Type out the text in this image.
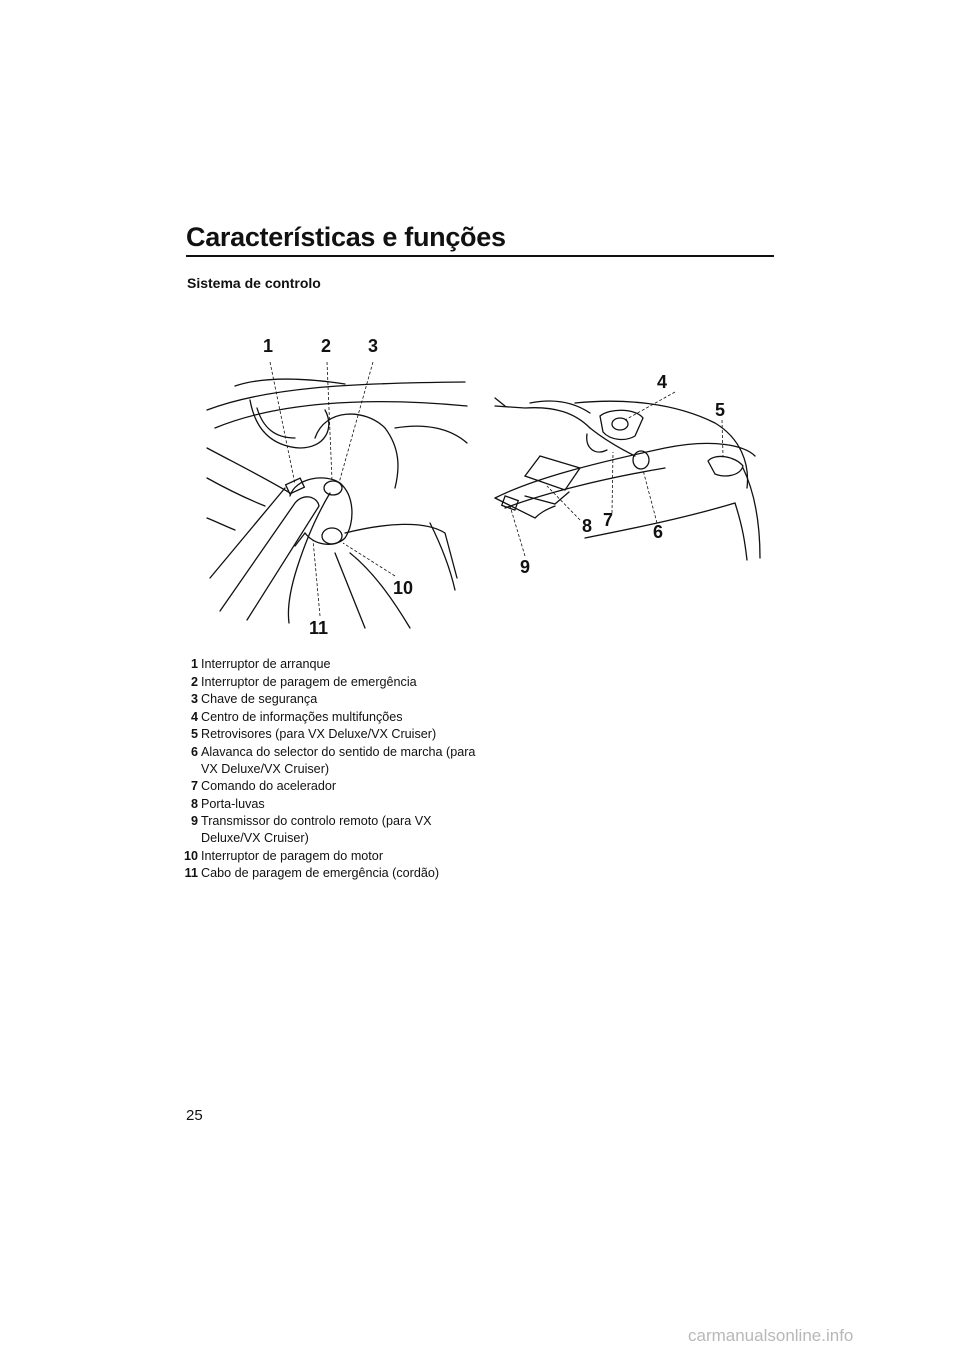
Características e funções
Sistema de controlo
1	2 3
4
5
6
7
8
9
10
11
1 Interruptor de arranque
2 Interruptor de paragem de emergência
3 Chave de segurança
4 Centro de informações multifunções
5 Retrovisores (para VX Deluxe/VX Cruiser)
6 Alavanca do selector do sentido de marcha (para VX Deluxe/VX Cruiser)
7 Comando do acelerador
8 Porta-luvas
9 Transmissor do controlo remoto (para VX Deluxe/VX Cruiser)
10 Interruptor de paragem do motor
11 Cabo de paragem de emergência (cordão)

25

carmanualsonline.info
